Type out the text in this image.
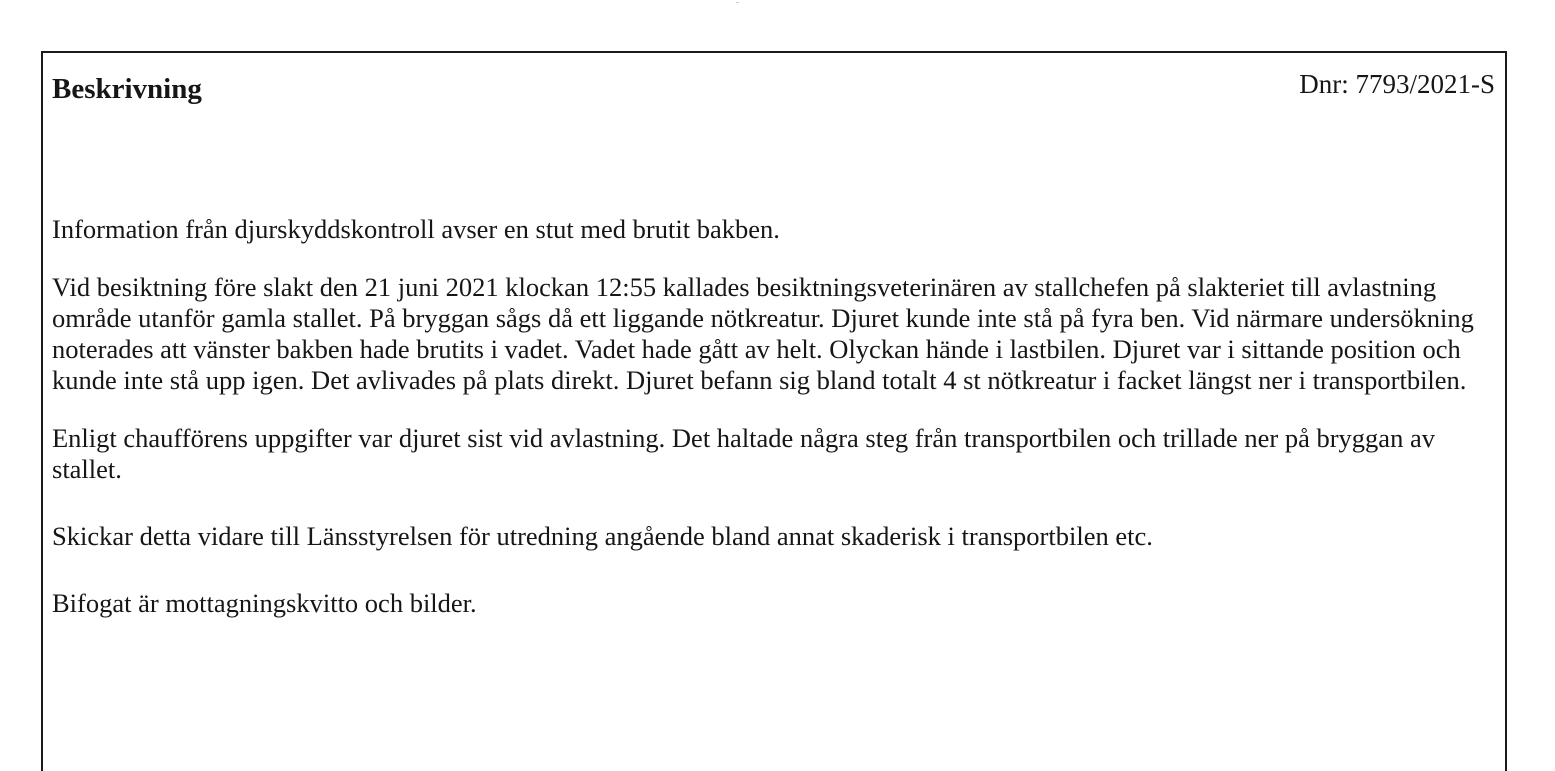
Beskrivning	Dnr: 7793/2021-S

Information från djurskyddskontroll avser en stut med brutit bakben.

Vid besiktning före slakt den 21 juni 2021 klockan 12:55 kallades besiktningsveterinären av stallchefen på slakteriet till avlastning område utanför gamla stallet. På bryggan sågs då ett liggande nötkreatur. Djuret kunde inte stå på fyra ben. Vid närmare undersökning noterades att vänster bakben hade brutits i vadet. Vadet hade gått av helt. Olyckan hände i lastbilen. Djuret var i sittande position och kunde inte stå upp igen. Det avlivades på plats direkt. Djuret befann sig bland totalt 4 st nötkreatur i facket längst ner i transportbilen.

Enligt chaufförens uppgifter var djuret sist vid avlastning. Det haltade några steg från transportbilen och trillade ner på bryggan av stallet.

Skickar detta vidare till Länsstyrelsen för utredning angående bland annat skaderisk i transportbilen etc.

Bifogat är mottagningskvitto och bilder.
